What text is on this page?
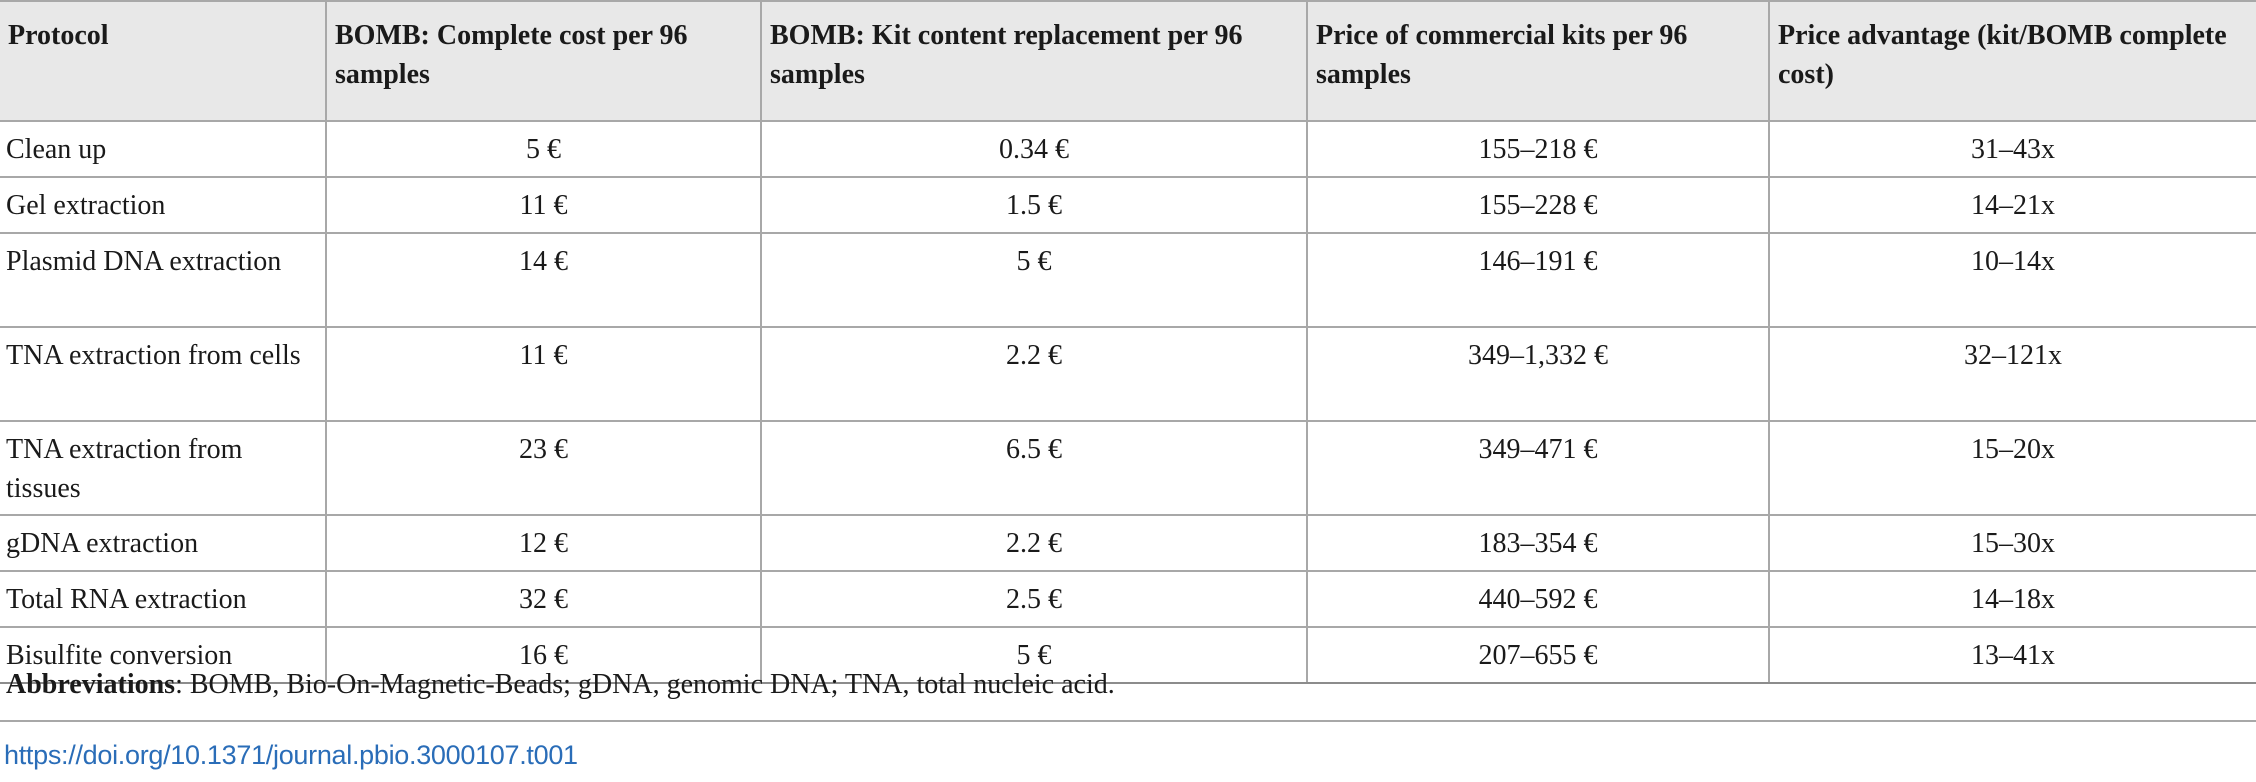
Protocol	BOMB: Complete cost per 96 samples	BOMB: Kit content replacement per 96 samples	Price of commercial kits per 96 samples	Price advantage (kit/BOMB complete cost)
Clean up	5 €	0.34 €	155–218 €	31–43x
Gel extraction	11 €	1.5 €	155–228 €	14–21x
Plasmid DNA extraction	14 €	5 €	146–191 €	10–14x
TNA extraction from cells	11 €	2.2 €	349–1,332 €	32–121x
TNA extraction from tissues	23 €	6.5 €	349–471 €	15–20x
gDNA extraction	12 €	2.2 €	183–354 €	15–30x
Total RNA extraction	32 €	2.5 €	440–592 €	14–18x
Bisulfite conversion	16 €	5 €	207–655 €	13–41x
Abbreviations: BOMB, Bio-On-Magnetic-Beads; gDNA, genomic DNA; TNA, total nucleic acid.
https://doi.org/10.1371/journal.pbio.3000107.t001
